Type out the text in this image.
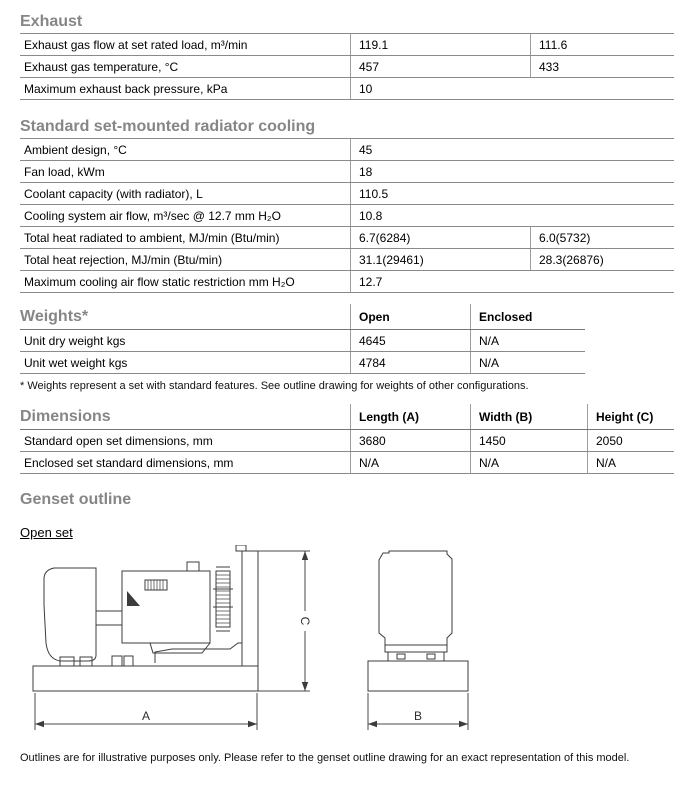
Exhaust
Exhaust gas flow at set rated load, m³/min	119.1	111.6
Exhaust gas temperature, °C	457	433
Maximum exhaust back pressure, kPa	10
Standard set-mounted radiator cooling
Ambient design, °C	45
Fan load, kWm	18
Coolant capacity (with radiator), L	110.5
Cooling system air flow, m³/sec @ 12.7 mm H₂O	10.8
Total heat radiated to ambient, MJ/min (Btu/min)	6.7(6284)	6.0(5732)
Total heat rejection, MJ/min (Btu/min)	31.1(29461)	28.3(26876)
Maximum cooling air flow static restriction mm H₂O	12.7
Weights*	Open	Enclosed
Unit dry weight kgs	4645	N/A
Unit wet weight kgs	4784	N/A
* Weights represent a set with standard features. See outline drawing for weights of other configurations.
Dimensions	Length (A)	Width (B)	Height (C)
Standard open set dimensions, mm	3680	1450	2050
Enclosed set standard dimensions, mm	N/A	N/A	N/A
Genset outline
Open set
A
C
B
Outlines are for illustrative purposes only. Please refer to the genset outline drawing for an exact representation of this model.
